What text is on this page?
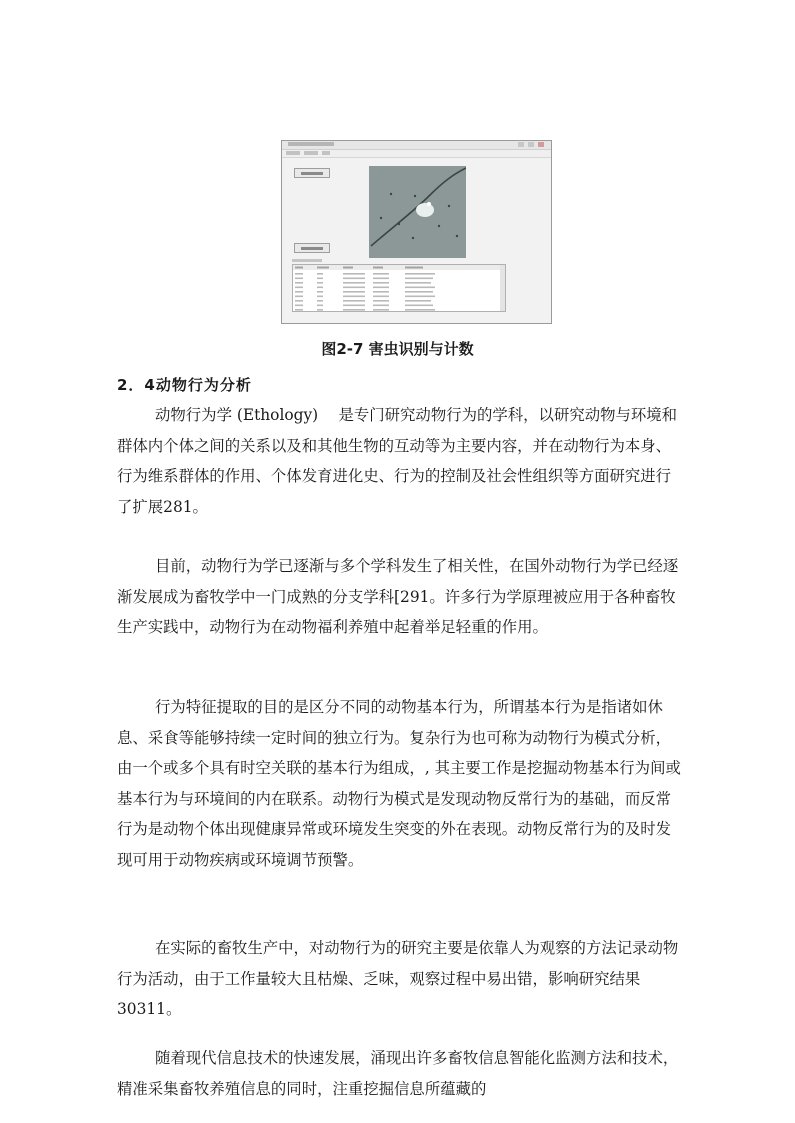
图2-7 害虫识别与计数
2．4动物行为分析

动物行为学 (Ethology)　 是专门研究动物行为的学科，以研究动物与环境和群体内个体之间的关系以及和其他生物的互动等为主要内容，并在动物行为本身、行为维系群体的作用、个体发育进化史、行为的控制及社会性组织等方面研究进行了扩展281。

目前，动物行为学已逐渐与多个学科发生了相关性，在国外动物行为学已经逐渐发展成为畜牧学中一门成熟的分支学科[291。许多行为学原理被应用于各种畜牧生产实践中，动物行为在动物福利养殖中起着举足轻重的作用。

行为特征提取的目的是区分不同的动物基本行为，所谓基本行为是指诸如休息、采食等能够持续一定时间的独立行为。复杂行为也可称为动物行为模式分析，由一个或多个具有时空关联的基本行为组成，, 其主要工作是挖掘动物基本行为间或基本行为与环境间的内在联系。动物行为模式是发现动物反常行为的基础，而反常行为是动物个体出现健康异常或环境发生突变的外在表现。动物反常行为的及时发现可用于动物疾病或环境调节预警。

在实际的畜牧生产中，对动物行为的研究主要是依靠人为观察的方法记录动物行为活动，由于工作量较大且枯燥、乏味，观察过程中易出错，影响研究结果30311。

随着现代信息技术的快速发展，涌现出许多畜牧信息智能化监测方法和技术，精准采集畜牧养殖信息的同时，注重挖掘信息所蕴藏的
